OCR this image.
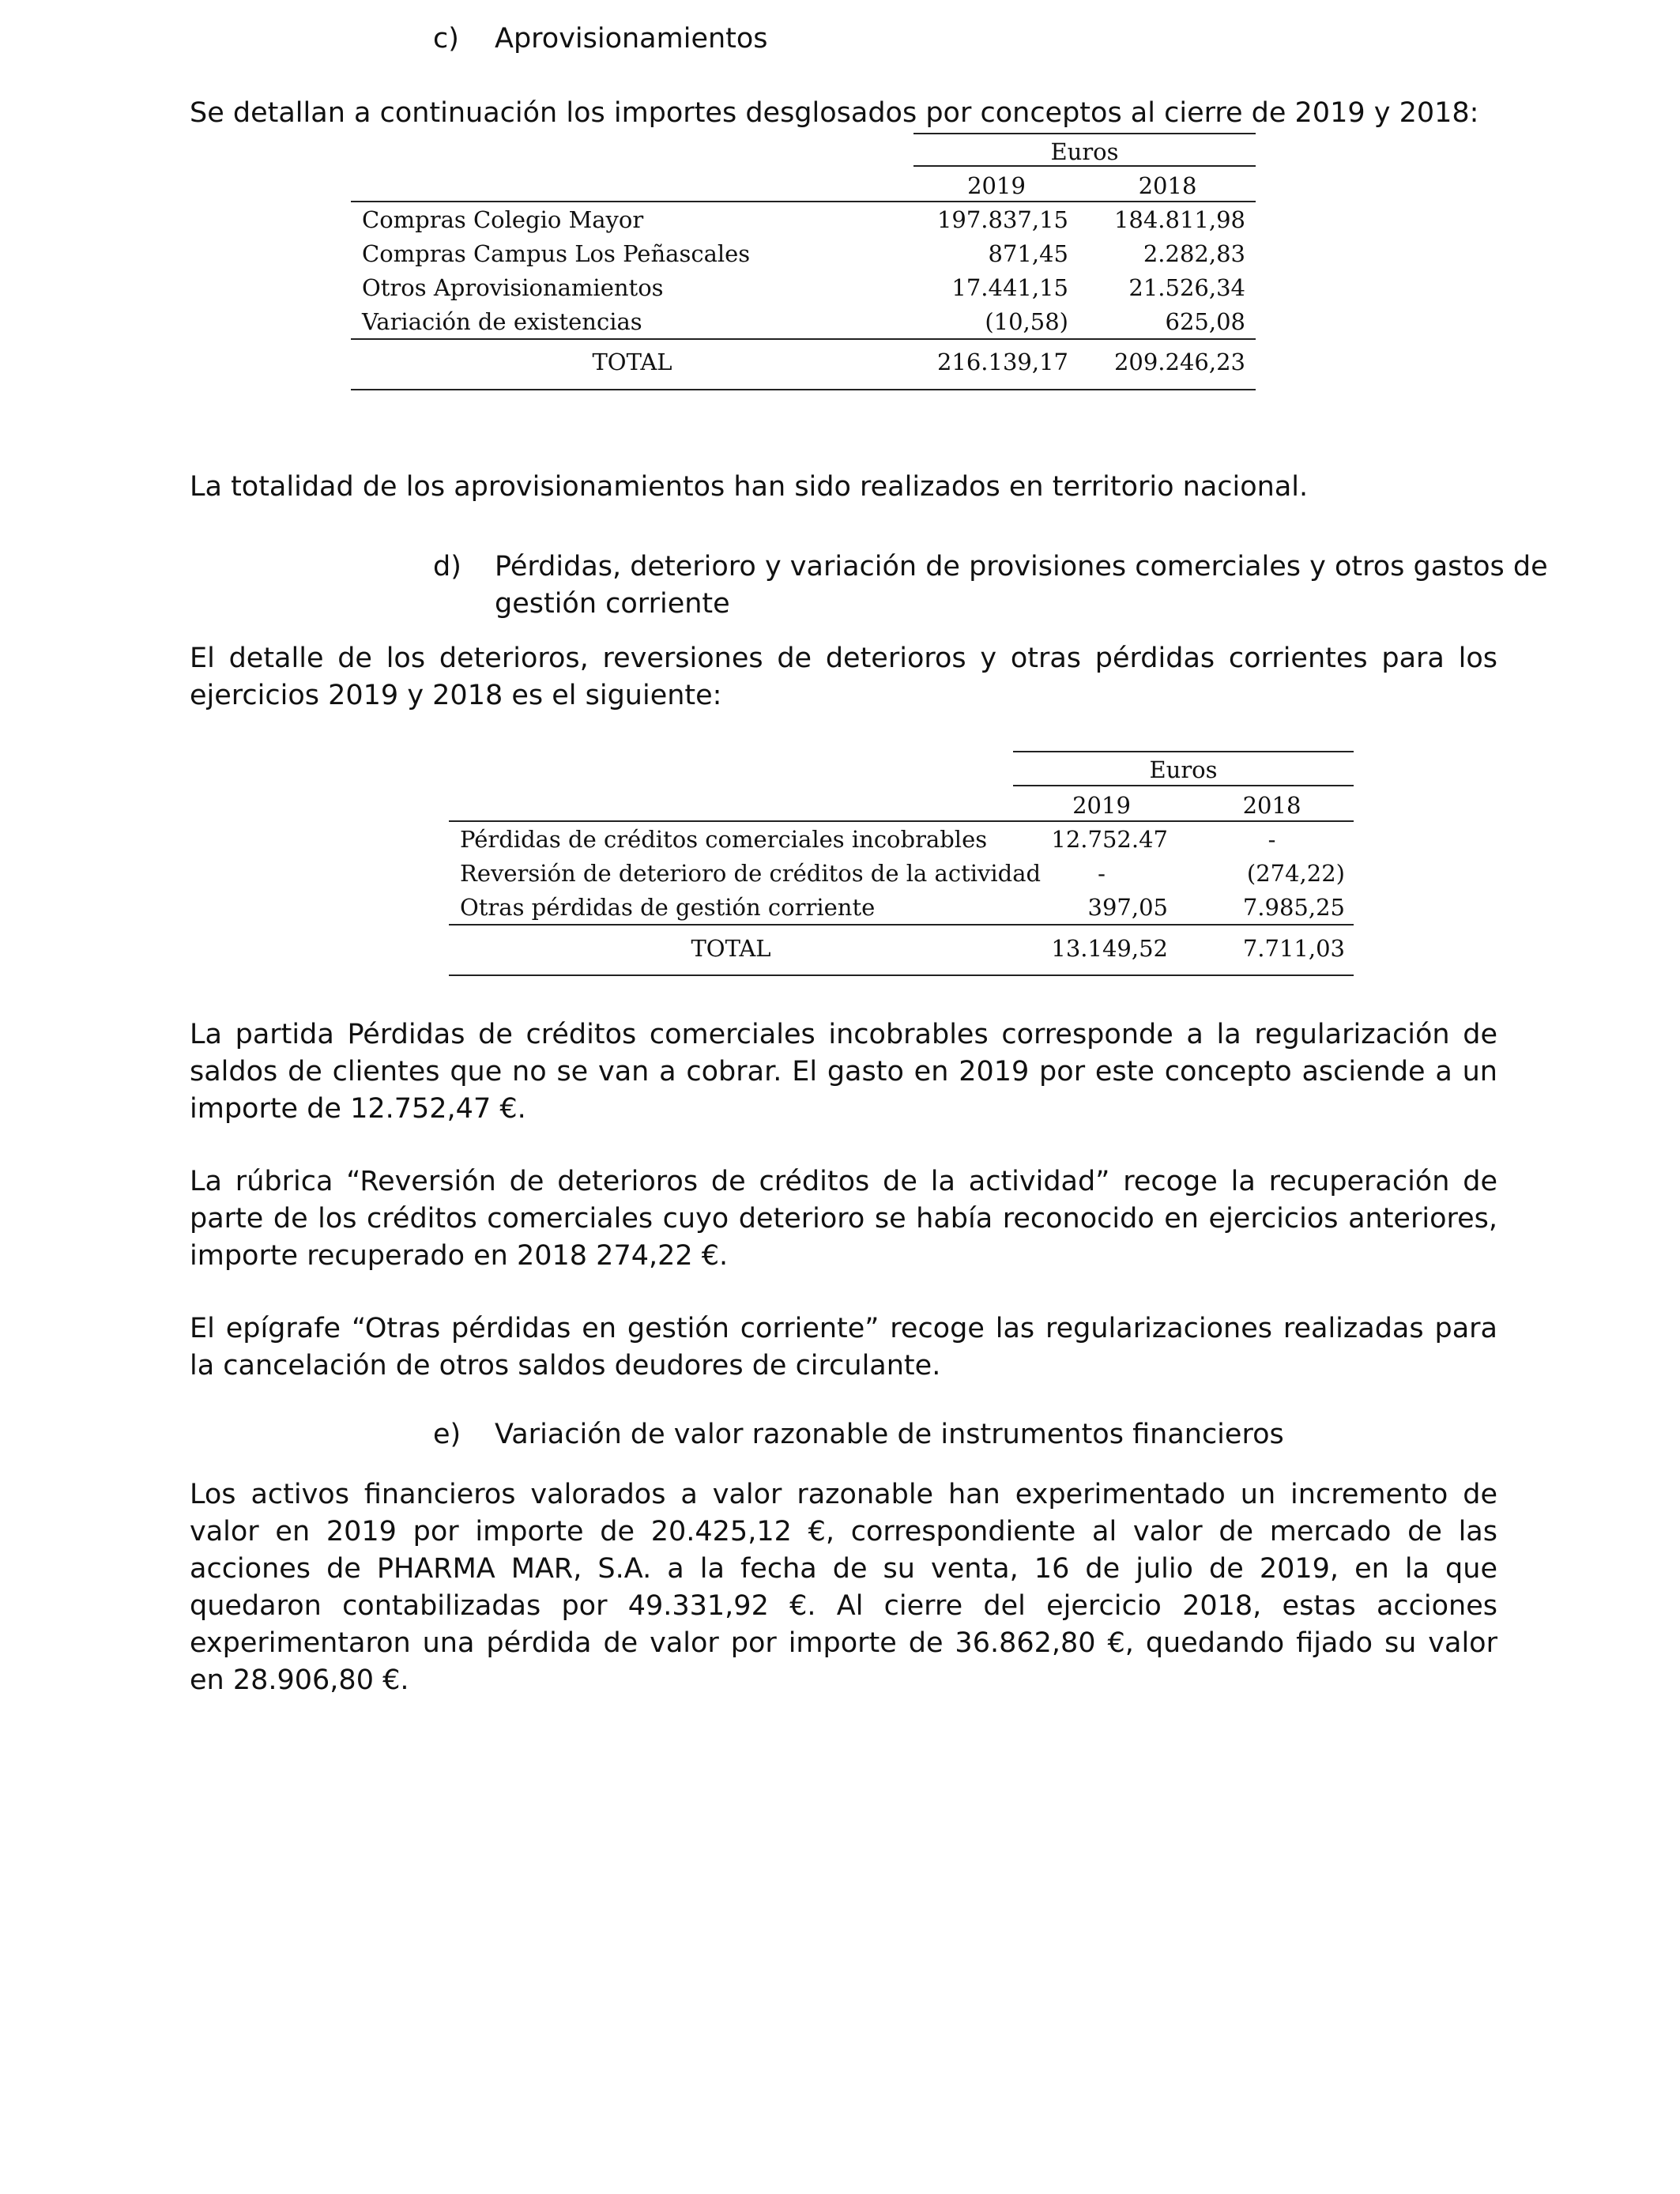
c) Aprovisionamientos
Se detallan a continuación los importes desglosados por conceptos al cierre de 2019 y 2018:
Euros
2019	2018
Compras Colegio Mayor	197.837,15	184.811,98
Compras Campus Los Peñascales	871,45	2.282,83
Otros Aprovisionamientos	17.441,15	21.526,34
Variación de existencias	(10,58)	625,08
TOTAL	216.139,17	209.246,23
La totalidad de los aprovisionamientos han sido realizados en territorio nacional.
d) Pérdidas, deterioro y variación de provisiones comerciales y otros gastos de
gestión corriente
El detalle de los deterioros, reversiones de deterioros y otras pérdidas corrientes para los ejercicios 2019 y 2018 es el siguiente:
Euros
2019	2018
Pérdidas de créditos comerciales incobrables	12.752.47	-
Reversión de deterioro de créditos de la actividad	-	(274,22)
Otras pérdidas de gestión corriente	397,05	7.985,25
TOTAL	13.149,52	7.711,03
La partida Pérdidas de créditos comerciales incobrables corresponde a la regularización de saldos de clientes que no se van a cobrar. El gasto en 2019 por este concepto asciende a un importe de 12.752,47 €.
La rúbrica “Reversión de deterioros de créditos de la actividad” recoge la recuperación de parte de los créditos comerciales cuyo deterioro se había reconocido en ejercicios anteriores, importe recuperado en 2018 274,22 €.
El epígrafe “Otras pérdidas en gestión corriente” recoge las regularizaciones realizadas para la cancelación de otros saldos deudores de circulante.
e) Variación de valor razonable de instrumentos financieros
Los activos financieros valorados a valor razonable han experimentado un incremento de valor en 2019 por importe de 20.425,12 €, correspondiente al valor de mercado de las acciones de PHARMA MAR, S.A. a la fecha de su venta, 16 de julio de 2019, en la que quedaron contabilizadas por 49.331,92 €. Al cierre del ejercicio 2018, estas acciones experimentaron una pérdida de valor por importe de 36.862,80 €, quedando fijado su valor en 28.906,80 €.
